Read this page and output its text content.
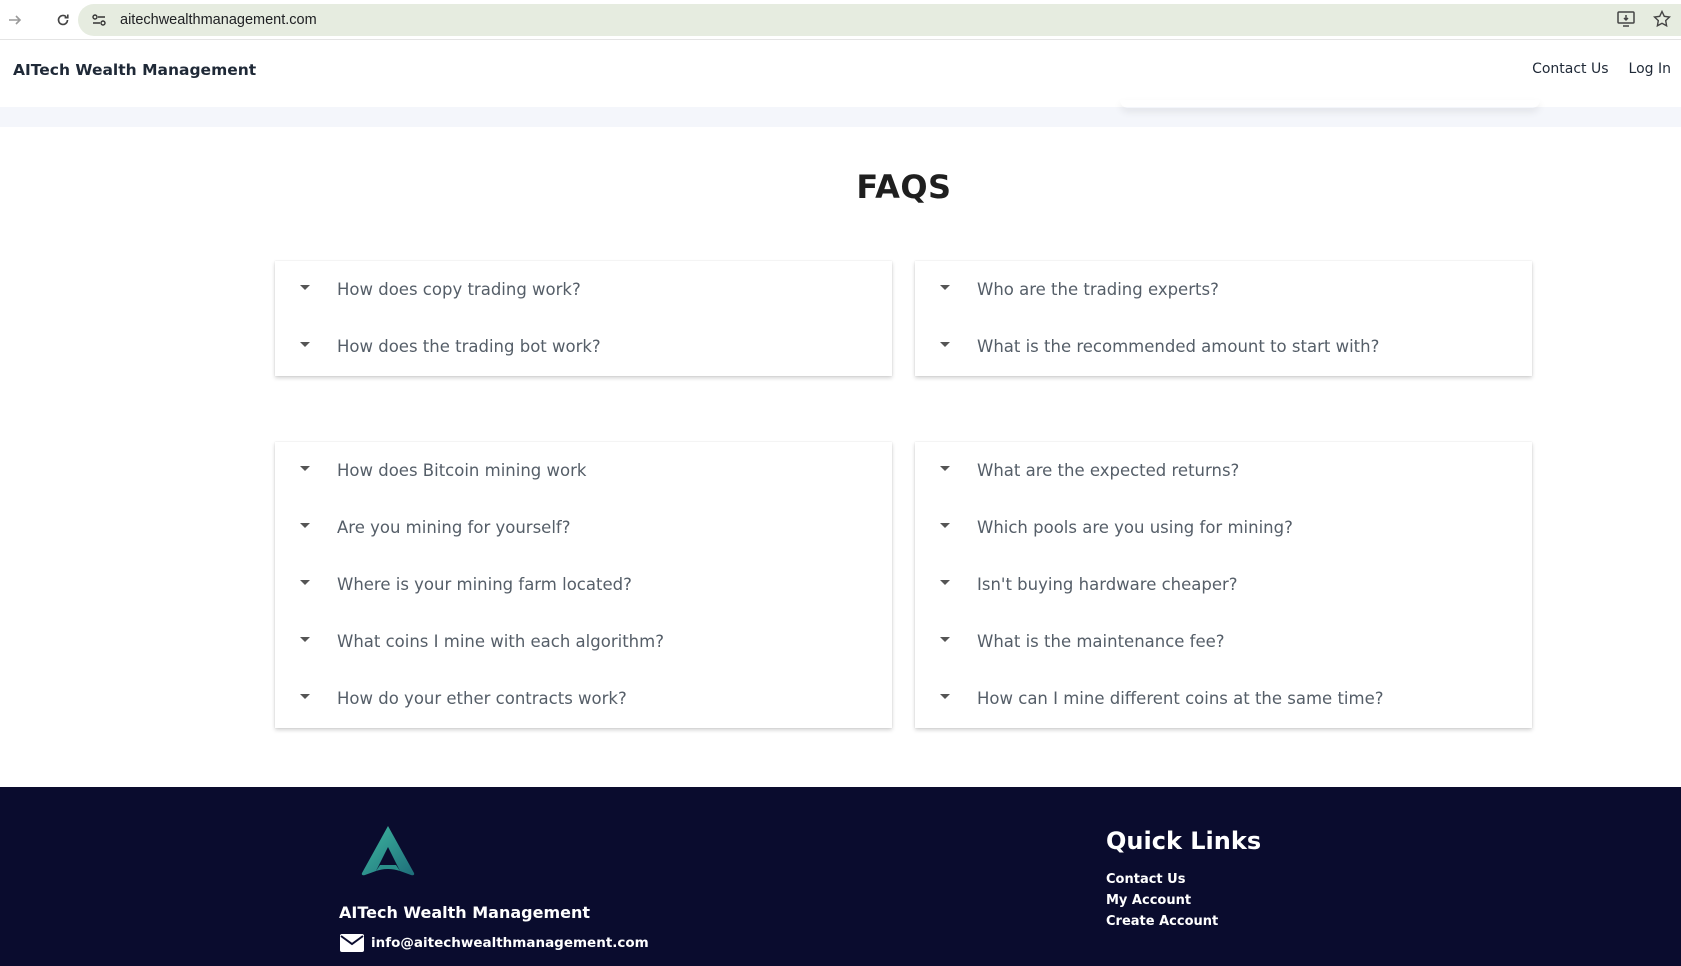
aitechwealthmanagement.com
AITech Wealth Management	Contact Us Log In
FAQS
How does copy trading work?
How does the trading bot work?
Who are the trading experts?
What is the recommended amount to start with?
How does Bitcoin mining work
Are you mining for yourself?
Where is your mining farm located?
What coins I mine with each algorithm?
How do your ether contracts work?
What are the expected returns?
Which pools are you using for mining?
Isn't buying hardware cheaper?
What is the maintenance fee?
How can I mine different coins at the same time?
AITech Wealth Management
info@aitechwealthmanagement.com
Quick Links
Contact Us
My Account
Create Account
